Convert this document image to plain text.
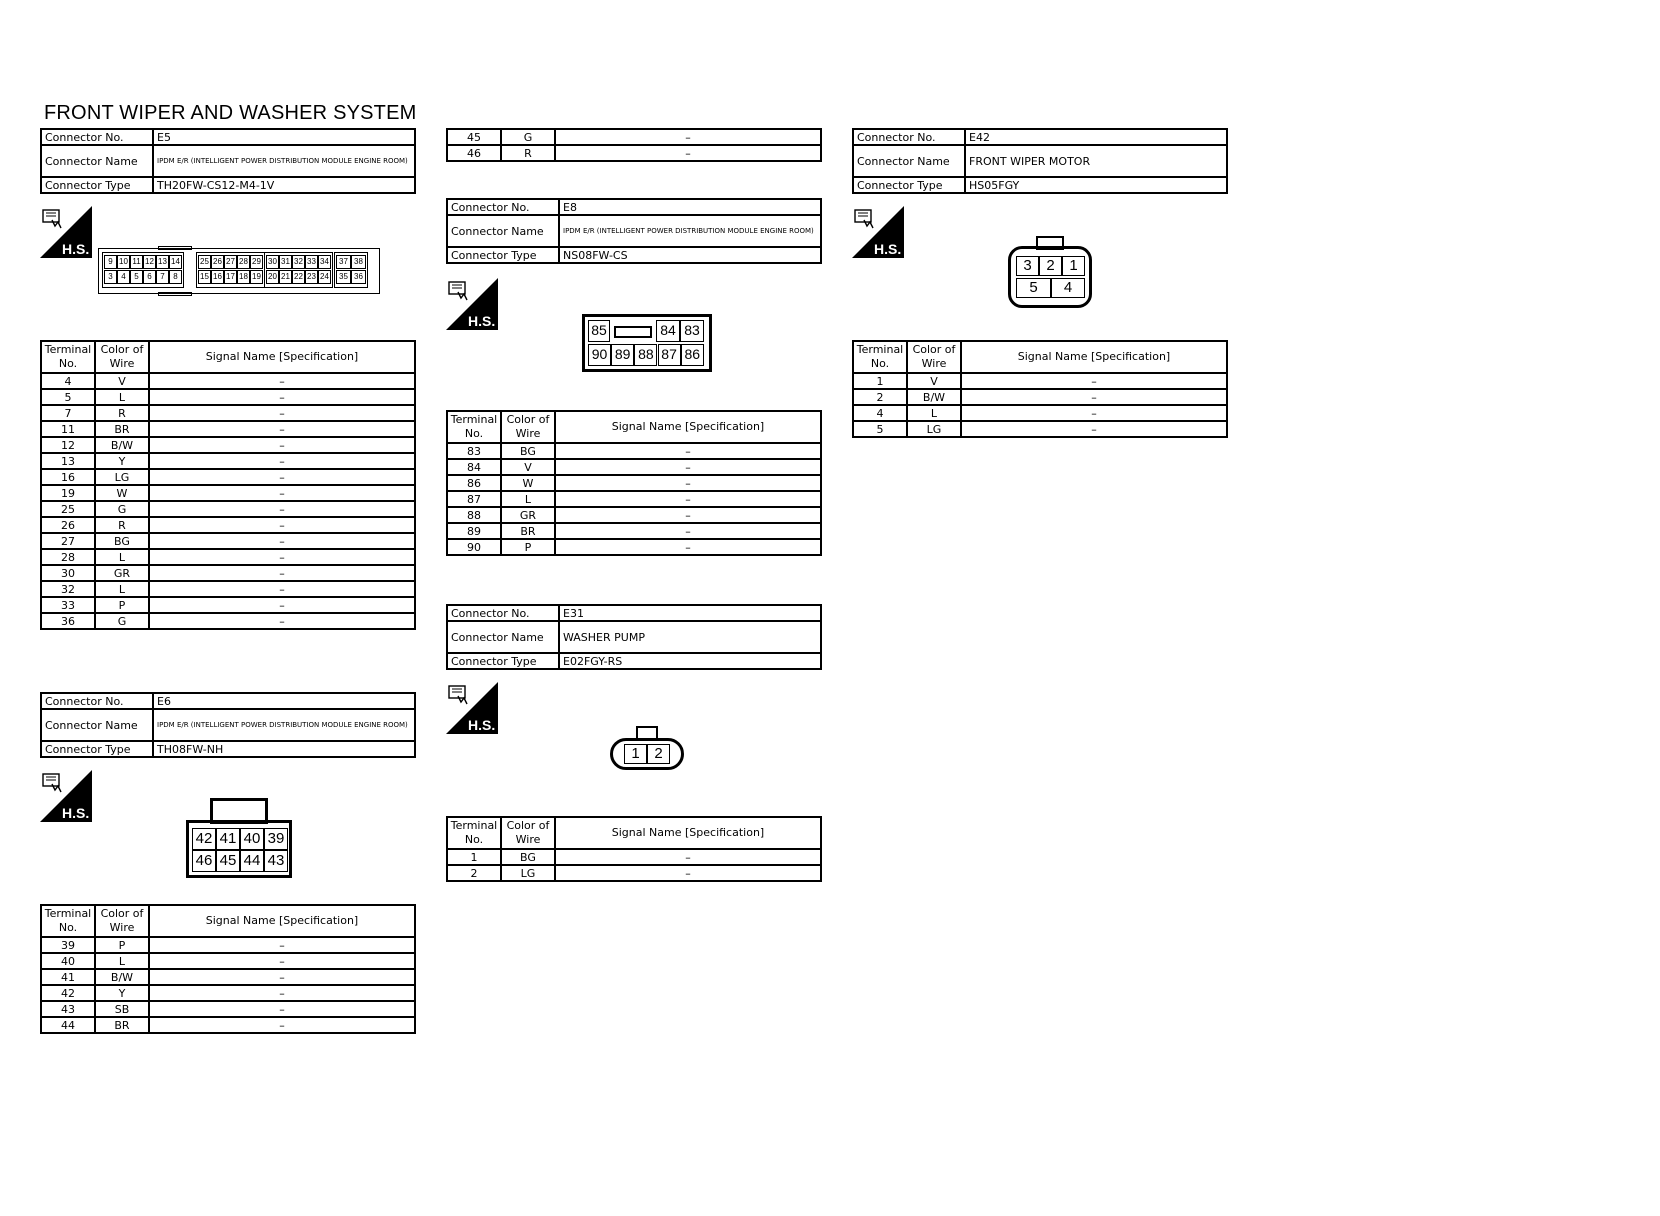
FRONT WIPER AND WASHER SYSTEM
Connector No.	E5
Connector Name	IPDM E/R (INTELLIGENT POWER DISTRIBUTION MODULE ENGINE ROOM)
Connector Type	TH20FW-CS12-M4-1V
H.S.
9
3
10
4
11
5
12
6
13
7
14
8
25
15
26
16
27
17
28
18
29
19
30
20
31
21
32
22
33
23
34
24
37
35
38
36
Terminal No.	Color of Wire	Signal Name [Specification]
4	V	–
5	L	–
7	R	–
11	BR	–
12	B/W	–
13	Y	–
16	LG	–
19	W	–
25	G	–
26	R	–
27	BG	–
28	L	–
30	GR	–
32	L	–
33	P	–
36	G	–
45	G	–
46	R	–
Connector No.	E6
Connector Name	IPDM E/R (INTELLIGENT POWER DISTRIBUTION MODULE ENGINE ROOM)
Connector Type	TH08FW-NH
H.S.
42
46
41
45
40
44
39
43
Terminal No.	Color of Wire	Signal Name [Specification]
39	P	–
40	L	–
41	B/W	–
42	Y	–
43	SB	–
44	BR	–
Connector No.	E8
Connector Name	IPDM E/R (INTELLIGENT POWER DISTRIBUTION MODULE ENGINE ROOM)
Connector Type	NS08FW-CS
H.S.
85	84 83
90 89 88 87 86
Terminal No.	Color of Wire	Signal Name [Specification]
83	BG	–
84	V	–
86	W	–
87	L	–
88	GR	–
89	BR	–
90	P	–
Connector No.	E31
Connector Name	WASHER PUMP
Connector Type	E02FGY-RS
H.S.
1 2
Terminal No.	Color of Wire	Signal Name [Specification]
1	BG	–
2	LG	–
Connector No.	E42
Connector Name	FRONT WIPER MOTOR
Connector Type	HS05FGY
H.S.
3 2 1
5	4
Terminal No.	Color of Wire	Signal Name [Specification]
1	V	–
2	B/W	–
4	L	–
5	LG	–
